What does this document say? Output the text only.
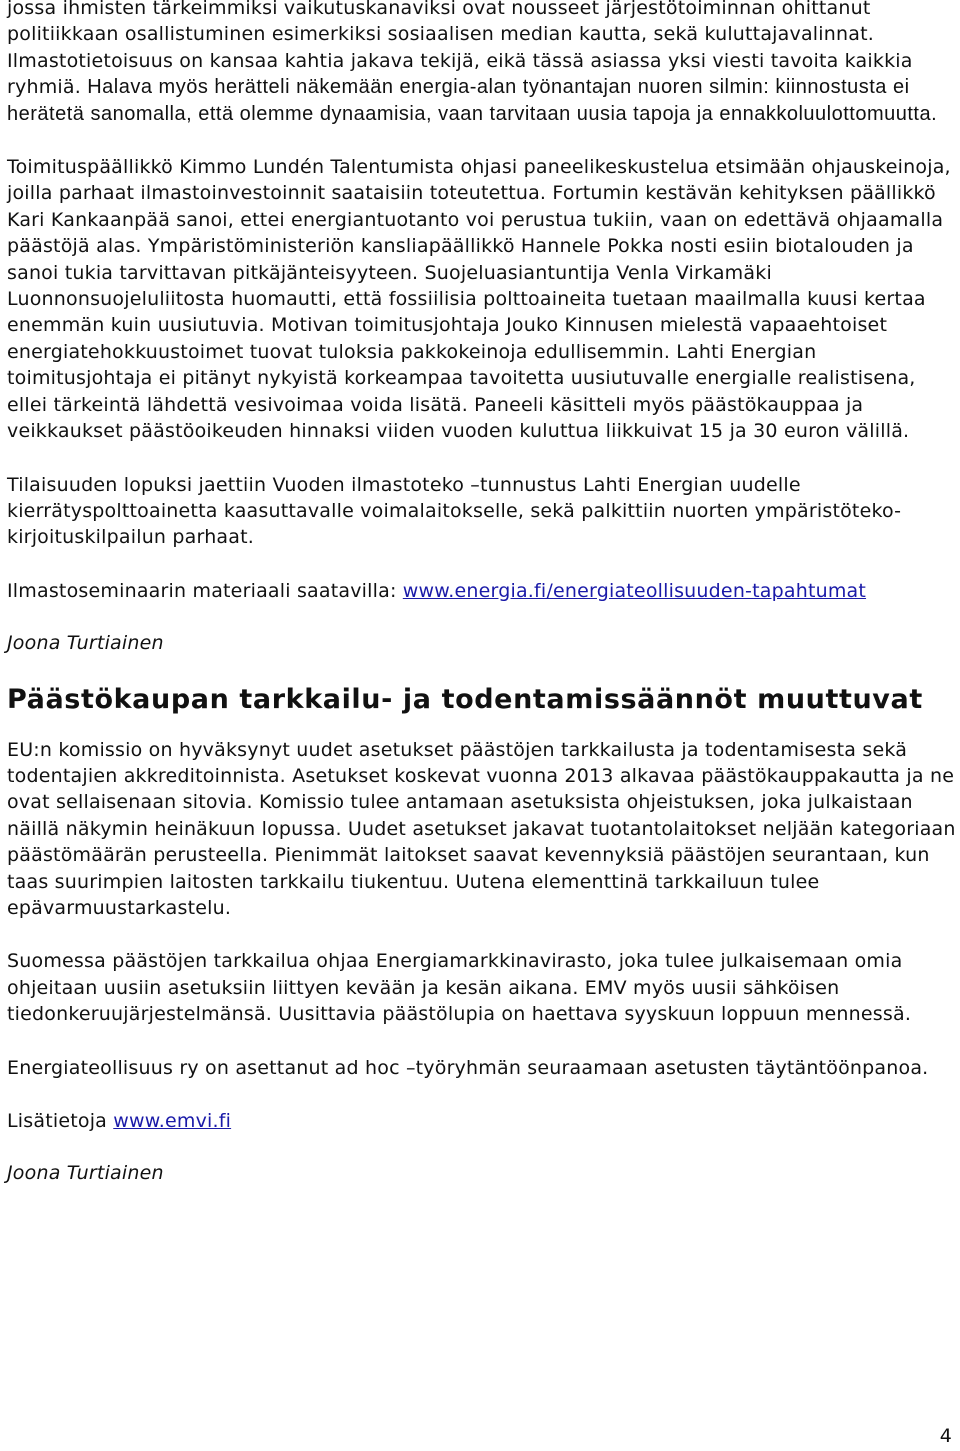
jossa ihmisten tärkeimmiksi vaikutuskanaviksi ovat nousseet järjestötoiminnan ohittanut politiikkaan osallistuminen esimerkiksi sosiaalisen median kautta, sekä kuluttajavalinnat. Ilmastotietoisuus on kansaa kahtia jakava tekijä, eikä tässä asiassa yksi viesti tavoita kaikkia ryhmiä. Halava myös herätteli näkemään energia-alan työnantajan nuoren silmin: kiinnostusta ei herätetä sanomalla, että olemme dynaamisia, vaan tarvitaan uusia tapoja ja ennakkoluulottomuutta.

Toimituspäällikkö Kimmo Lundén Talentumista ohjasi paneelikeskustelua etsimään ohjauskeinoja, joilla parhaat ilmastoinvestoinnit saataisiin toteutettua. Fortumin kestävän kehityksen päällikkö Kari Kankaanpää sanoi, ettei energiantuotanto voi perustua tukiin, vaan on edettävä ohjaamalla päästöjä alas. Ympäristöministeriön kansliapäällikkö Hannele Pokka nosti esiin biotalouden ja sanoi tukia tarvittavan pitkäjänteisyyteen. Suojeluasiantuntija Venla Virkamäki Luonnonsuojeluliitosta huomautti, että fossiilisia polttoaineita tuetaan maailmalla kuusi kertaa enemmän kuin uusiutuvia. Motivan toimitusjohtaja Jouko Kinnusen mielestä vapaaehtoiset energiatehokkuustoimet tuovat tuloksia pakkokeinoja edullisemmin. Lahti Energian toimitusjohtaja ei pitänyt nykyistä korkeampaa tavoitetta uusiutuvalle energialle realistisena, ellei tärkeintä lähdettä vesivoimaa voida lisätä. Paneeli käsitteli myös päästökauppaa ja veikkaukset päästöoikeuden hinnaksi viiden vuoden kuluttua liikkuivat 15 ja 30 euron välillä.

Tilaisuuden lopuksi jaettiin Vuoden ilmastoteko –tunnustus Lahti Energian uudelle kierrätyspolttoainetta kaasuttavalle voimalaitokselle, sekä palkittiin nuorten ympäristöteko-kirjoituskilpailun parhaat.

Ilmastoseminaarin materiaali saatavilla: www.energia.fi/energiateollisuuden-tapahtumat

Joona Turtiainen

Päästökaupan tarkkailu- ja todentamissäännöt muuttuvat

EU:n komissio on hyväksynyt uudet asetukset päästöjen tarkkailusta ja todentamisesta sekä todentajien akkreditoinnista. Asetukset koskevat vuonna 2013 alkavaa päästökauppakautta ja ne ovat sellaisenaan sitovia. Komissio tulee antamaan asetuksista ohjeistuksen, joka julkaistaan näillä näkymin heinäkuun lopussa. Uudet asetukset jakavat tuotantolaitokset neljään kategoriaan päästömäärän perusteella. Pienimmät laitokset saavat kevennyksiä päästöjen seurantaan, kun taas suurimpien laitosten tarkkailu tiukentuu. Uutena elementtinä tarkkailuun tulee epävarmuustarkastelu.

Suomessa päästöjen tarkkailua ohjaa Energiamarkkinavirasto, joka tulee julkaisemaan omia ohjeitaan uusiin asetuksiin liittyen kevään ja kesän aikana. EMV myös uusii sähköisen tiedonkeruujärjestelmänsä. Uusittavia päästölupia on haettava syyskuun loppuun mennessä.

Energiateollisuus ry on asettanut ad hoc –työryhmän seuraamaan asetusten täytäntöönpanoa.

Lisätietoja www.emvi.fi

Joona Turtiainen

4
